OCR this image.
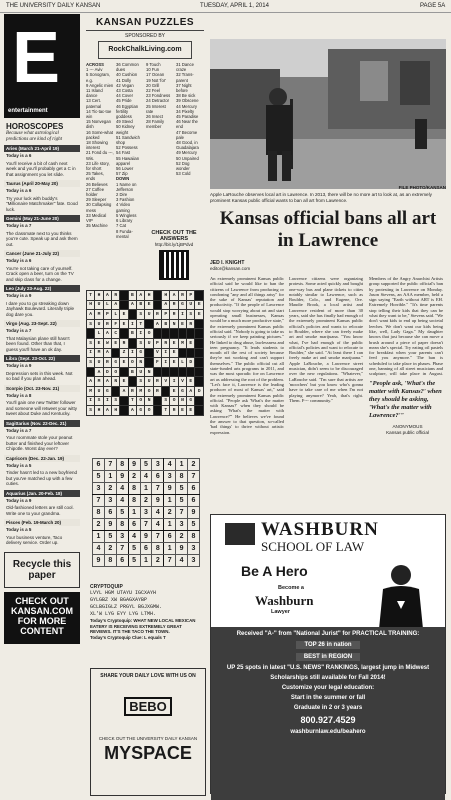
THE UNIVERSITY DAILY KANSAN	TUESDAY, APRIL 1, 2014	PAGE 5A
E
entertainment
HOROSCOPES
Because what astrological predictions are kind of right
Aries (March 21-April 19)
Today is a 6
You'll receive a bit of cash next week and you'll probably get a C in that assignment you let slide.
Taurus (April 20-May 20)
Today is a 6
Try your luck with buddy's "Millionaire Matchmaker" fate. Good luck.
Gemini (May 21-June 20)
Today is a 7
The classmate next to you thinks you're cute. Speak up and ask them out.
Cancer (June 21-July 22)
Today is a 6
You're not taking care of yourself. Crack open a beer, turn on the TV and skip class for a change.
Leo (July 23-Aug. 22)
Today is a 9
I dare you to go streaking down Jayhawk Boulevard. Literally triple dog dare you.
Virgo (Aug. 23-Sept. 22)
Today is a 7
That Malaysian plane still hasn't been found. Other than that, I guess you'll have an ok day.
Libra (Sept. 23-Oct. 22)
Today is a 9
Depression sets in this week. Not so bad if you plan ahead.
Scorpio (Oct. 23-Nov. 21)
Today is a 8
You'll gain one new Twitter follower and someone will retweet your witty tweet about Duke and Kentucky.
Sagittarius (Nov. 22-Dec. 21)
Today is a 7
Your roommate stole your peanut butter and finished your leftover Chipotle. Worst day ever?
Capricorn (Dec. 22-Jan. 19)
Today is a 5
Tinder hasn't led to a new boyfriend but you've matched up with a few cuties.
Aquarius (Jan. 20-Feb. 18)
Today is a 9
Old-fashioned letters are still cool. Write one to your grandma.
Pisces (Feb. 19-March 20)
Today is a 5
Your business venture, Taco delivery service. Order up.
Recycle this paper
CHECK OUT KANSAN.COM FOR MORE CONTENT
KANSAN PUZZLES
SPONSORED BY
RockChalkLiving.com
ACROSS
1 --- Aviv
5 Sonogram, e.g.
9 Angelic mien
11 Island dance
13 Cert. paternal
14 Tic-tac-toe win
15 Nonvegan dish
16 Some-what packed
18 Showing interest
21 Fond du ---, Wis.
23 Life story, for short
25 Takes, ends
26 Believes
27 Coffee holder
29 Sleeper
30 Collapsing mess
33 Medical VIP
35 Machine
36 Common dues
40 Cushion
41 Dolly
42 Vegan
43 Costa
44 Cover
45 Pride
46 Egyptian fertility goddess
49 Steed
50 Kidney weight
51 Sandwich shop
52 Possess
54 Fast
55 Hawaiian apparel
56 Lower
57 Zip
DOWN
1 Name on Jefferson
2 Dire
3 Fashion
4 Video gaming
5 Wingless
6 Library
7 Cat
8 Funda-mental
9 Touch
10 Fun
17 Ocean
19 Not 'for'
20 Grill
22 Feel
23 Fondness
24 Detractor
25 Interest rate
26 Insect
28 Family member
31 Dance craze
32 Trans-parent
37 Night before
38 Be sick
39 Obscene
44 Mercury
34 Pixelty
45 Paradise
46 Near the end
47 Become pale
48 Good, in Guadalajara
49 Mercury
50 Unpaired
52 Dog wonder
53 Cold
CHECK OUT THE ANSWERS
http://bit.ly/1jBPdvd
T	H	A	R		B	A	H		H	A	R	P	
H	U	L	A		A	B	E		A	R	G	U	E
A	M	P	L	E		S	U	R	P	R	I	S	E
S	U	R	F	E	I	T		A	B	N	E	R	
	L	A	C		B	I	O						
S	E	W	E	R		S	U	P	R	E	M	E	
I	M	A		Z	I	G		V	I	E			
S	U	R	G	E	O	N		F	I	E	L	D	
	A	D	O		B	U	N						
A	M	A	N	E		S	U	R	V	I	V	E	
M	U	G		A	R	M	O	R		E	G	A	D
I	S	I	S		T	O	N		S	O	N	G	
S	H	A	H		A	G	O		T	R	E	E	
6	7	8	9	5	3	4	1	2
5	1	9	2	4	6	3	8	7
3	2	4	8	1	7	9	5	6
7	3	4	8	2	9	1	5	6
8	6	5	1	3	4	2	7	9
2	9	8	6	7	4	1	3	5
1	5	3	4	9	7	6	2	8
4	2	7	5	6	8	1	9	3
9	8	6	5	1	2	7	4	3
CRYPTOQUIP
LVYL HGM UTAYU IGCXAYH
GYLGBZ XW BGAGXAYBP
GCLBGIGLZ PRGYL BGJXGMW.
XL'W LYG EYY LYG LTMH.
Today's Cryptoquip: WHAT NEW LOCAL MEXICAN EATERY IS RECEIVING EXTREMELY GREAT REVIEWS. IT'S THE TACO THE TOWN.
Today's Cryptoquip Clue: L equals T
SHARE YOUR DAILY LOVE WITH US ON
BEBO
CHECK OUT THE UNIVERSITY DAILY KANSAN
MYSPACE
FILE PHOTO/KANSAN
Apple LaRouche observes local art in Lawrence. In 2013, there will be no more art to look at, as an extremely prominent Kansas public official wants to ban all art from Lawrence.
Kansas official bans all art in Lawrence
JED I. KNIGHT
editor@kansan.com
An extremely prominent Kansas public official said he would like to ban the citizens of Lawrence from producing or condoning "any and all things artsy" for the sake of Kansas' reputation and productivity. "If the people of Lawrence would stop worrying about art and start operating small businesses, Kansas would be a much more productive state," the extremely prominent Kansas public official said. "Nobody is going to take us seriously if we keep painting pictures." He linked to drug abuse, lawlessness and teen pregnancy. "It leads students to mouth off the rest of society because they're not working and can't support themselves." The public official cut all state-funded arts programs in 2011, and was the most sporadic foe on Lawrence art as addressing the root of the problem. "Let's face it, Lawrence is the leading producer of most of Kansas' art," said the extremely prominent Kansas public official. "People ask 'What's the matter with Kansas?' when they should be asking 'What's the matter with Lawrence?'" He believes we've found the answer to that question, so-called 'bad things' to thrive without artistic expression.
Lawrence citizens were organizing protests. Some acted quickly and bought one-way bus and plane tickets to cities notably similar to Lawrence, such as Boulder, Colo., and Eugene, Ore. Maudie Brook, a local artist and Lawrence resident of more than 30 years, said she has finally had enough of the extremely prominent Kansas public official's policies and wants to relocate to Boulder, where she can freely make art and smoke marijuana. "You know what, I've had enough of the public official's policies and want to relocate to Boulder," she said. "At least there I can freely make art and smoke marijuana." Apple LaRouche, a Lawrence street musician, didn't seem to be discouraged over the new regulations. "Whatever," LaRouche said. "I'm sure that artists are 'moochers' but you know who's gonna have to take care of me when I'm not playing anymore? Yeah, that's right. Them. F--- community."
Members of the Angry Anarchist Artists group supported the public official's ban by protesting in Lawrence on Monday. Jason Stevens, an AAA member, held a sign saying "Earth without ART is EH. Extremely Horrible." "It's time parents stop telling their kids that they can be what they want to be," Stevens said. "We don't want kids to end up being societal leeches. We don't want our kids being like, well, Lady Gaga." My daughter knows that just because she can move a brush around a piece of paper doesn't mean she's special. Try eating oil pastels for breakfast when your parents can't feed you anymore." The ban is scheduled to take place in phases. Phase one, banning of all street musicians and sculpture, will take place in August.
"People ask, 'What's the matter with Kansas?' when they should be asking, 'What's the matter with Lawrence?'"
ANONYMOUS
Kansas public official
WASHBURN
SCHOOL OF LAW
Be A Hero
Become a
Washburn
Lawyer
Received "A-" from "National Jurist" for PRACTICAL TRAINING:
TOP 26 in nation
BEST in REGION
UP 25 spots in latest "U.S. NEWS" RANKINGS, largest jump in Midwest
Scholarships still available for Fall 2014!
Customize your legal education:
Start in the summer or fall
Graduate in 2 or 3 years
800.927.4529
washburnlaw.edu/beahero
